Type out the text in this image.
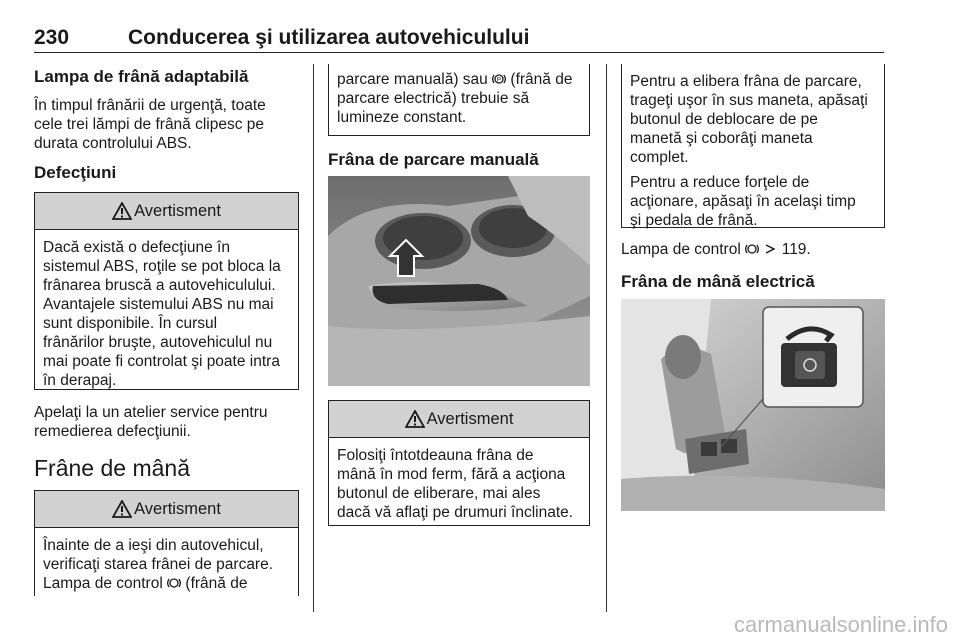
230	Conducerea şi utilizarea autovehiculului
Lampa de frână adaptabilă

În timpul frânării de urgenţă, toate

cele trei lămpi de frână clipesc pe

durata controlului ABS.

Defecţiuni
Avertisment

Dacă există o defecţiune în

sistemul ABS, roţile se pot bloca la

frânarea bruscă a autovehiculului.

Avantajele sistemului ABS nu mai

sunt disponibile. În cursul

frânărilor bruşte, autovehiculul nu

mai poate fi controlat şi poate intra

în derapaj.

Apelaţi la un atelier service pentru

remedierea defecţiunii.

Frâne de mână
Avertisment

Înainte de a ieşi din autovehicul,

verificaţi starea frânei de parcare.

Lampa de control (frână de

parcare manuală) sau P (frână de

parcare electrică) trebuie să

lumineze constant.

Frâna de parcare manuală
Avertisment

Folosiţi întotdeauna frâna de

mână în mod ferm, fără a acţiona

butonul de eliberare, mai ales

dacă vă aflaţi pe drumuri înclinate.

Pentru a elibera frâna de parcare,

trageţi uşor în sus maneta, apăsaţi

butonul de deblocare de pe

manetă şi coborâţi maneta

complet.

Pentru a reduce forţele de

acţionare, apăsaţi în acelaşi timp

şi pedala de frână.

Lampa de control	119.

Frâna de mână electrică
carmanualsonline.info
